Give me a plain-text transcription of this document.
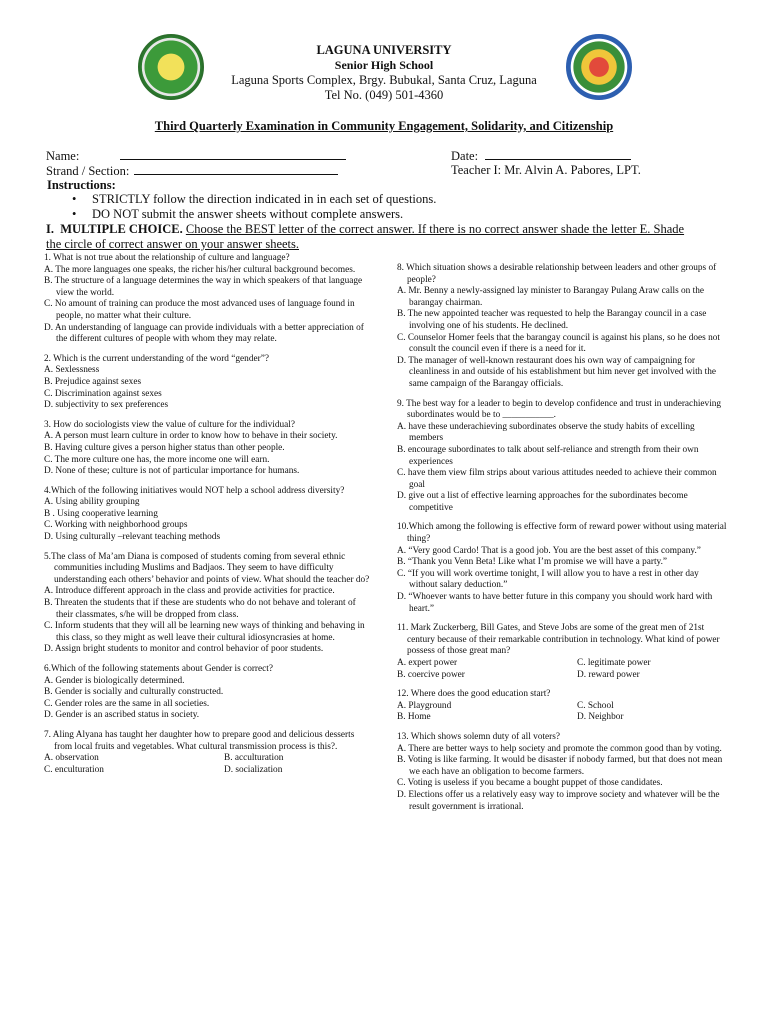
LAGUNA UNIVERSITY
Senior High School
Laguna Sports Complex, Brgy. Bubukal, Santa Cruz, Laguna
Tel No. (049) 501-4360
Third Quarterly Examination in Community Engagement, Solidarity, and Citizenship
Name:	Date:
Strand / Section:	Teacher I: Mr. Alvin A. Pabores, LPT.
Instructions:
• STRICTLY follow the direction indicated in in each set of questions.
• DO NOT submit the answer sheets without complete answers.
I. MULTIPLE CHOICE. Choose the BEST letter of the correct answer. If there is no correct answer shade the letter E. Shade the circle of correct answer on your answer sheets.
1. What is not true about the relationship of culture and language?
A. The more languages one speaks, the richer his/her cultural background becomes.
B. The structure of a language determines the way in which speakers of that language view the world.
C. No amount of training can produce the most advanced uses of language found in people, no matter what their culture.
D. An understanding of language can provide individuals with a better appreciation of the different cultures of people with whom they may relate.
2. Which is the current understanding of the word “gender”?
A. Sexlessness
B. Prejudice against sexes
C. Discrimination against sexes
D. subjectivity to sex preferences
3. How do sociologists view the value of culture for the individual?
A. A person must learn culture in order to know how to behave in their society.
B. Having culture gives a person higher status than other people.
C. The more culture one has, the more income one will earn.
D. None of these; culture is not of particular importance for humans.
4.Which of the following initiatives would NOT help a school address diversity?
A. Using ability grouping
B . Using cooperative learning
C. Working with neighborhood groups
D. Using culturally –relevant teaching methods
5.The class of Ma’am Diana is composed of students coming from several ethnic communities including Muslims and Badjaos. They seem to have difficulty understanding each others’ behavior and points of view. What should the teacher do?
A. Introduce different approach in the class and provide activities for practice.
B. Threaten the students that if these are students who do not behave and tolerant of their classmates, s/he will be dropped from class.
C. Inform students that they will all be learning new ways of thinking and behaving in this class, so they might as well leave their cultural idiosyncrasies at home.
D. Assign bright students to monitor and control behavior of poor students.
6.Which of the following statements about Gender is correct?
A. Gender is biologically determined.
B. Gender is socially and culturally constructed.
C. Gender roles are the same in all societies.
D. Gender is an ascribed status in society.
7. Aling Alyana has taught her daughter how to prepare good and delicious desserts from local fruits and vegetables. What cultural transmission process is this?.
A. observation	B. acculturation
C. enculturation	D. socialization
8. Which situation shows a desirable relationship between leaders and other groups of people?
A. Mr. Benny a newly-assigned lay minister to Barangay Pulang Araw calls on the barangay chairman.
B. The new appointed teacher was requested to help the Barangay council in a case involving one of his students. He declined.
C. Counselor Homer feels that the barangay council is against his plans, so he does not consult the council even if there is a need for it.
D. The manager of well-known restaurant does his own way of campaigning for cleanliness in and outside of his establishment but him never get involved with the same campaign of the Barangay officials.
9. The best way for a leader to begin to develop confidence and trust in underachieving subordinates would be to ___________.
A. have these underachieving subordinates observe the study habits of excelling members
B. encourage subordinates to talk about self-reliance and strength from their own experiences
C. have them view film strips about various attitudes needed to achieve their common goal
D. give out a list of effective learning approaches for the subordinates become competitive
10.Which among the following is effective form of reward power without using material thing?
A. “Very good Cardo! That is a good job. You are the best asset of this company.”
B. “Thank you Venn Beta! Like what I’m promise we will have a party.”
C. “If you will work overtime tonight, I will allow you to have a rest in other day without salary deduction.”
D. “Whoever wants to have better future in this company you should work hard with heart.”
11. Mark Zuckerberg, Bill Gates, and Steve Jobs are some of the great men of 21st century because of their remarkable contribution in technology. What kind of power possess of those great man?
A. expert power	C. legitimate power
B. coercive power	D. reward power
12. Where does the good education start?
A. Playground	C. School
B. Home	D. Neighbor
13. Which shows solemn duty of all voters?
A. There are better ways to help society and promote the common good than by voting.
B. Voting is like farming. It would be disaster if nobody farmed, but that does not mean we each have an obligation to become farmers.
C. Voting is useless if you became a bought puppet of those candidates.
D. Elections offer us a relatively easy way to improve society and whatever will be the result government is irrational.
